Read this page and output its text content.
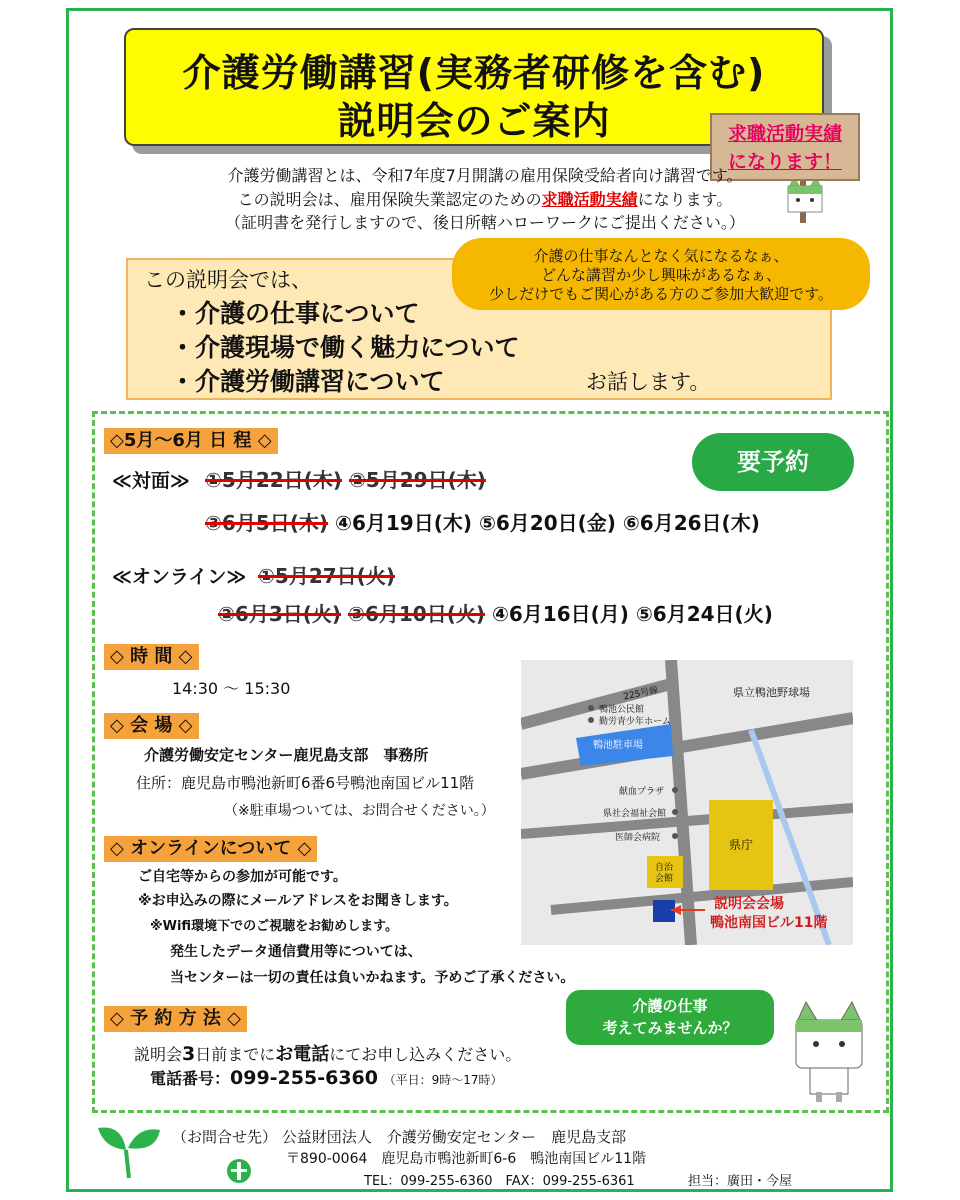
介護労働講習(実務者研修を含む)
説明会のご案内	求職活動実績
になります！
介護労働講習とは、令和7年度7月開講の雇用保険受給者向け講習です。
この説明会は、雇用保険失業認定のための求職活動実績になります。
（証明書を発行しますので、後日所轄ハローワークにご提出ください。）
この説明会では、
・介護の仕事について
・介護現場で働く魅力について
・介護労働講習について	お話します。
介護の仕事なんとなく気になるなぁ、
どんな講習か少し興味があるなぁ、
少しだけでもご関心がある方のご参加大歓迎です。
◇5月～6月 日 程 ◇
要予約
≪対面≫ ①5月22日(木) ②5月29日(木)
③6月5日(木) ④6月19日(木) ⑤6月20日(金) ⑥6月26日(木)
≪オンライン≫ ①5月27日(火)
②6月3日(火) ③6月10日(火) ④6月16日(月) ⑤6月24日(火)
◇ 時 間 ◇
14:30 ～ 15:30
◇ 会 場 ◇
介護労働安定センター鹿児島支部　事務所
住所：鹿児島市鴨池新町6番6号鴨池南国ビル11階
（※駐車場ついては、お問合せください。）
◇ オンラインについて ◇
ご自宅等からの参加が可能です。
※お申込みの際にメールアドレスをお聞きします。
※Wifi環境下でのご視聴をお勧めします。
発生したデータ通信費用等については、
当センターは一切の責任は負いかねます。予めご了承ください。
◇ 予 約 方 法 ◇
説明会3日前までにお電話にてお申し込みください。
電話番号：099-255-6360 （平日：9時～17時）
225号線	県立鴨池野球場
鴨池公民館
勤労青少年ホーム
鴨池駐車場
献血プラザ
県社会福祉会館
医師会病院	県庁
自治
会館
説明会会場
鴨池南国ビル11階
介護の仕事
考えてみませんか？
（お問合せ先） 公益財団法人　介護労働安定センター　鹿児島支部
〒890-0064　鹿児島市鴨池新町6-6　鴨池南国ビル11階
TEL：099-255-6360　FAX：099-255-6361	担当：廣田・今屋
